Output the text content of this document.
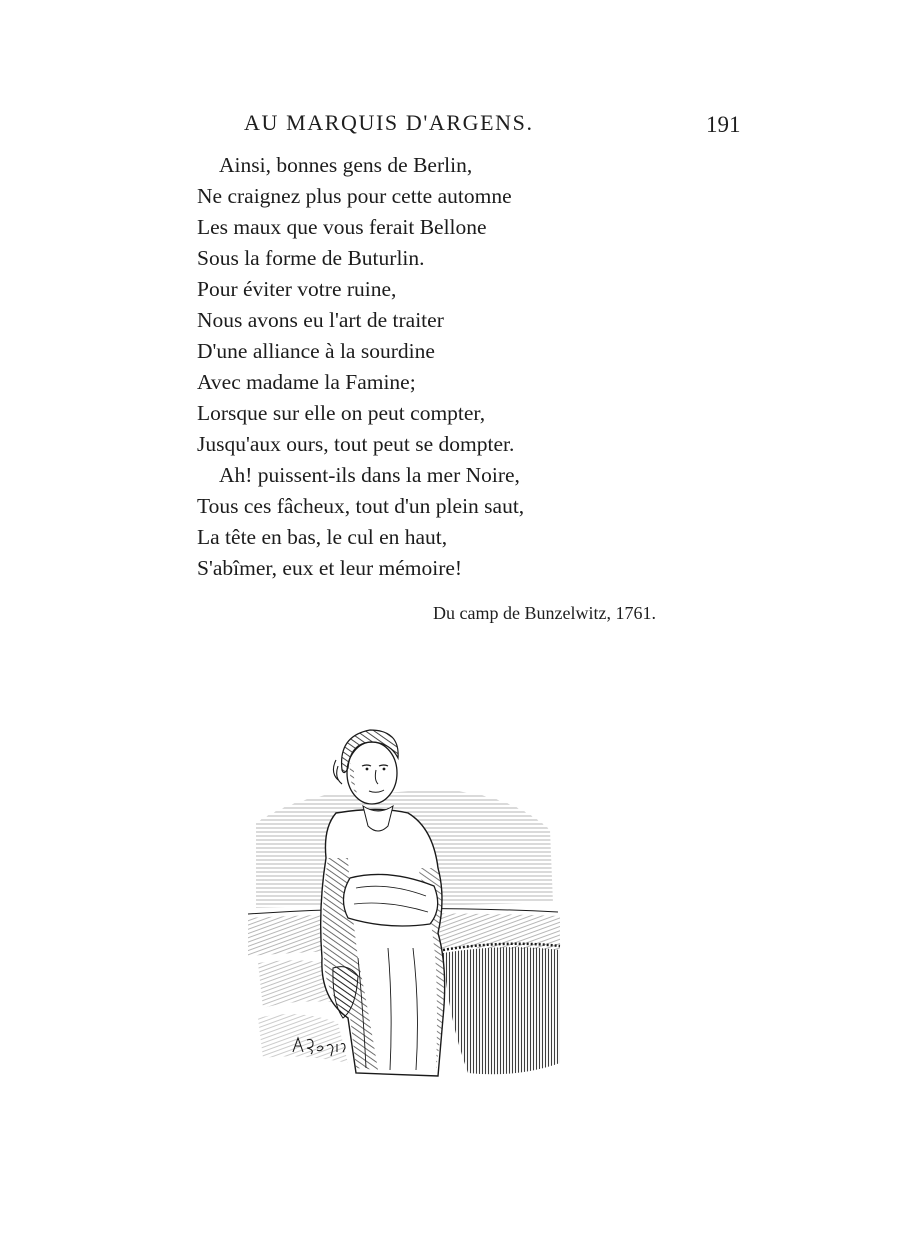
AU MARQUIS D'ARGENS.	191
Ainsi, bonnes gens de Berlin,
Ne craignez plus pour cette automne
Les maux que vous ferait Bellone
Sous la forme de Buturlin.
Pour éviter votre ruine,
Nous avons eu l'art de traiter
D'une alliance à la sourdine
Avec madame la Famine;
Lorsque sur elle on peut compter,
Jusqu'aux ours, tout peut se dompter.
Ah! puissent-ils dans la mer Noire,
Tous ces fâcheux, tout d'un plein saut,
La tête en bas, le cul en haut,
S'abîmer, eux et leur mémoire!
Du camp de Bunzelwitz, 1761.
